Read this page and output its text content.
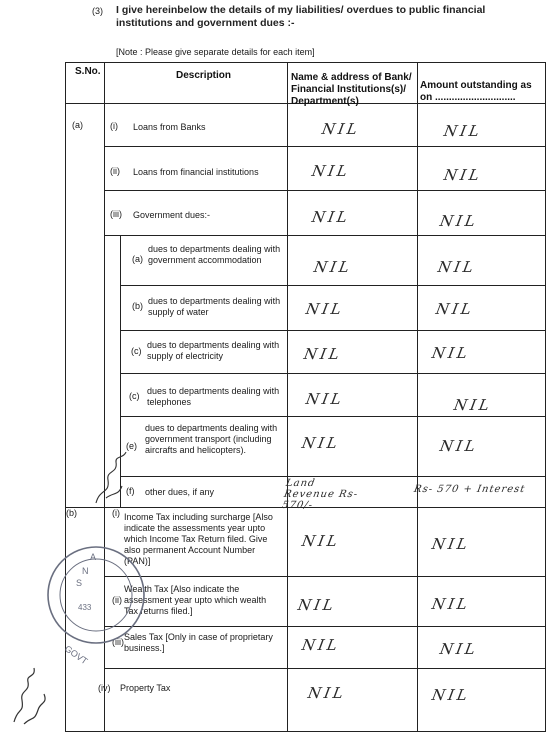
(3) I give hereinbelow the details of my liabilities/ overdues to public financial institutions and government dues :-
[Note : Please give separate details for each item]
S.No.	Description	Name & address of Bank/ Financial Institutions(s)/ Department(s)
Amount outstanding as on .............................
(a)
(b)
(i)
(ii)
(iii)
(a)
(b)
(c)
(c)
(e)
(f)
(i)
(ii)
(iii)
(iv)
Loans from Banks
Loans from financial institutions
Government dues:-
dues to departments dealing with government accommodation
dues to departments dealing with supply of water
dues to departments dealing with supply of electricity
dues to departments dealing with telephones
dues to departments dealing with government transport (including aircrafts and helicopters).
other dues, if any
Income Tax including surcharge [Also indicate the assessments year upto which Income Tax Return filed. Give also permanent Account Number (PAN)]
Wealth Tax [Also indicate the assessment year upto which wealth Tax returns filed.]
Sales Tax [Only in case of proprietary business.]
Property Tax
NIL
NIL
NIL
NIL
NIL
NIL
NIL
NIL
Land Revenue Rs- 570/-
NIL
NIL
NIL
NIL
NIL
NIL
NIL
NIL
NIL
NIL
NIL
NIL
Rs- 570 + Interest
NIL
NIL
NIL
NIL
A
N
S
433
GOVT
